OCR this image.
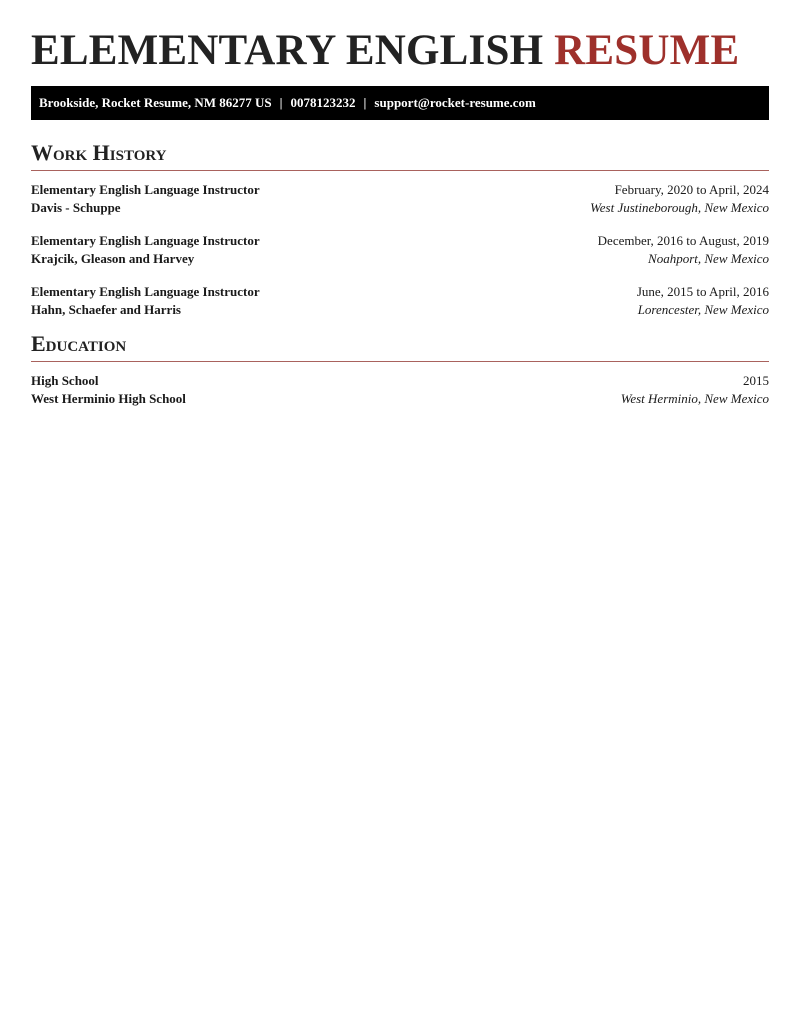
ELEMENTARY ENGLISH RESUME
Brookside, Rocket Resume, NM 86277 US | 0078123232 | support@rocket-resume.com
Work History
Elementary English Language Instructor	February, 2020 to April, 2024
Davis - Schuppe	West Justineborough, New Mexico
Elementary English Language Instructor	December, 2016 to August, 2019
Krajcik, Gleason and Harvey	Noahport, New Mexico
Elementary English Language Instructor	June, 2015 to April, 2016
Hahn, Schaefer and Harris	Lorencester, New Mexico
Education
High School	2015
West Herminio High School	West Herminio, New Mexico
